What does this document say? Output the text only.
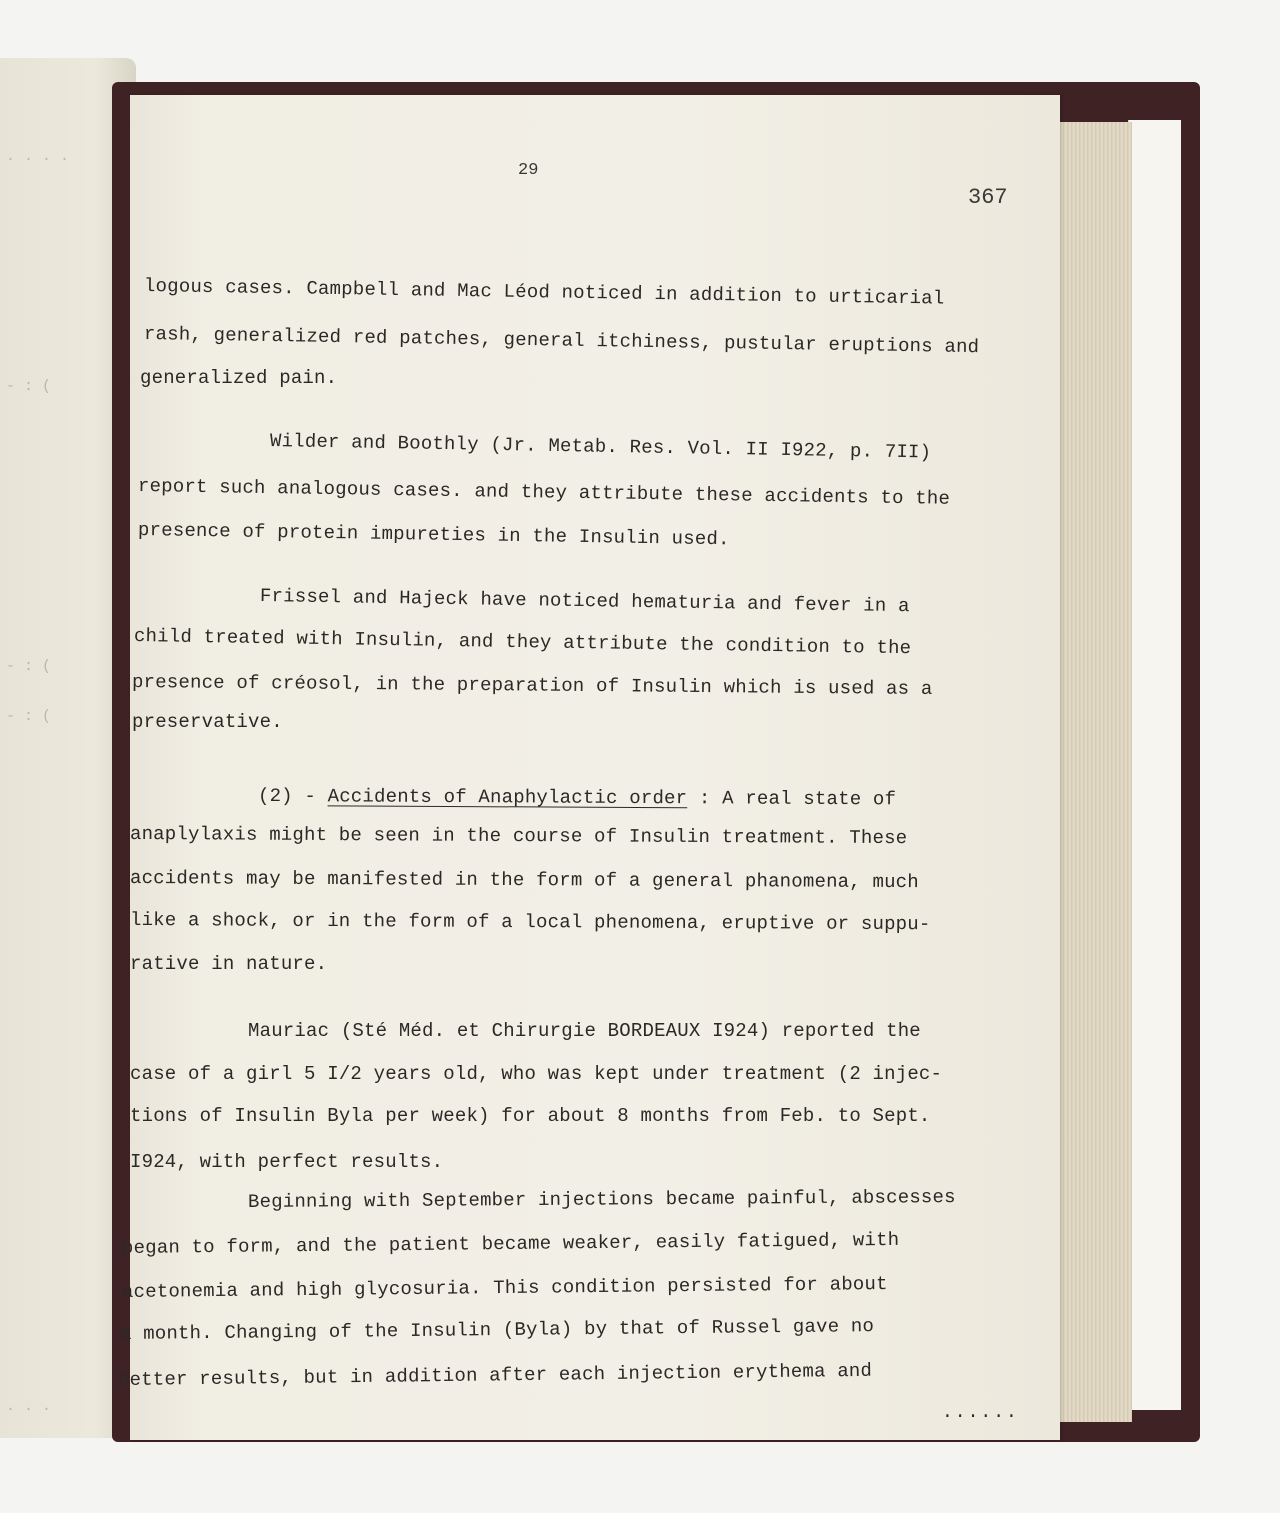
. . . .
- : (
- : (
- : (
. . .
29
367
logous cases. Campbell and Mac Léod noticed in addition to urticarial
rash, generalized red patches, general itchiness, pustular eruptions and
generalized pain.
Wilder and Boothly (Jr. Metab. Res. Vol. II I922, p. 7II)
report such analogous cases. and they attribute these accidents to the
presence of protein impureties in the Insulin used.
Frissel and Hajeck have noticed hematuria and fever in a
child treated with Insulin, and they attribute the condition to the
presence of créosol, in the preparation of Insulin which is used as a
preservative.
(2) - Accidents of Anaphylactic order : A real state of
anaplylaxis might be seen in the course of Insulin treatment. These
accidents may be manifested in the form of a general phanomena, much
like a shock, or in the form of a local phenomena, eruptive or suppu-
rative in nature.
Mauriac (Sté Méd. et Chirurgie BORDEAUX I924) reported the
case of a girl 5 I/2 years old, who was kept under treatment (2 injec-
tions of Insulin Byla per week) for about 8 months from Feb. to Sept.
I924, with perfect results.
Beginning with September injections became painful, abscesses
began to form, and the patient became weaker, easily fatigued, with
acetonemia and high glycosuria. This condition persisted for about
a month. Changing of the Insulin (Byla) by that of Russel gave no
better results, but in addition after each injection erythema and
......
